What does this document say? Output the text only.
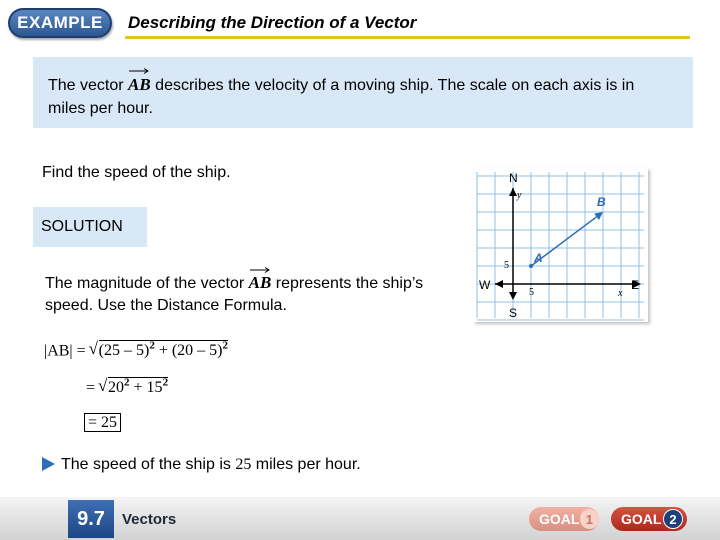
EXAMPLE	Describing the Direction of a Vector
The vector
AB describes the velocity of a moving ship. The scale on each axis is in miles per hour.
Find the speed of the ship.
SOLUTION
The magnitude of the vector
AB represents the ship’s speed. Use the Distance Formula.
|AB| = √ (25 – 5)$^2$ + (20 – 5)$^2$
= √ $20^2 + 15^2$
= 25
The speed of the ship is 25 miles per hour.
N
S
E
W
y
x
5
5
A
B
9.7	Vectors	GOAL 1	GOAL 2
